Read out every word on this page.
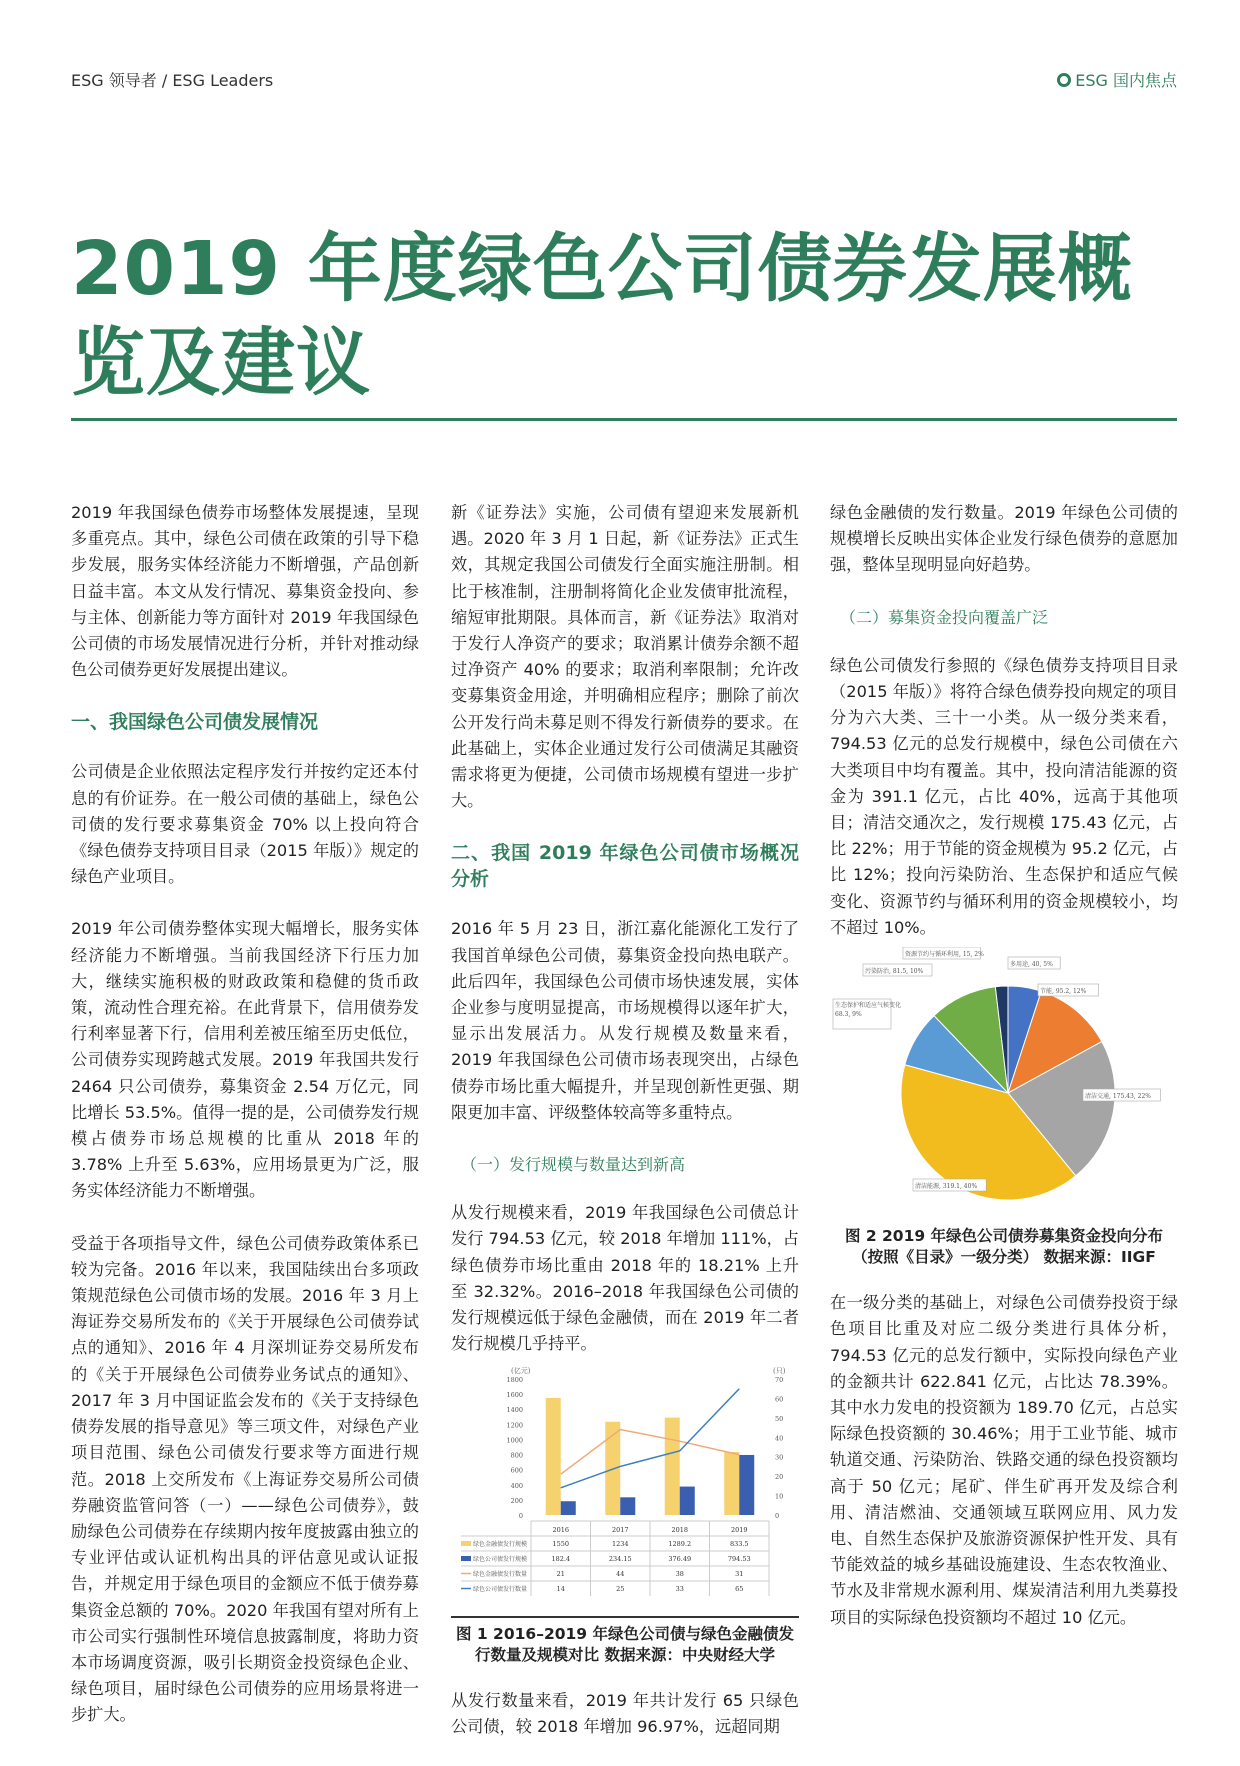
ESG 领导者 / ESG Leaders	ESG 国内焦点
2019 年度绿色公司债券发展概览及建议

2019 年我国绿色债券市场整体发展提速，呈现多重亮点。其中，绿色公司债在政策的引导下稳步发展，服务实体经济能力不断增强，产品创新日益丰富。本文从发行情况、募集资金投向、参与主体、创新能力等方面针对 2019 年我国绿色公司债的市场发展情况进行分析，并针对推动绿色公司债券更好发展提出建议。

一、我国绿色公司债发展情况

公司债是企业依照法定程序发行并按约定还本付息的有价证券。在一般公司债的基础上，绿色公司债的发行要求募集资金 70% 以上投向符合《绿色债券支持项目目录（2015 年版）》规定的绿色产业项目。

2019 年公司债券整体实现大幅增长，服务实体经济能力不断增强。当前我国经济下行压力加大，继续实施积极的财政政策和稳健的货币政策，流动性合理充裕。在此背景下，信用债券发行利率显著下行，信用利差被压缩至历史低位，公司债券实现跨越式发展。2019 年我国共发行 2464 只公司债券，募集资金 2.54 万亿元，同比增长 53.5%。值得一提的是，公司债券发行规模占债券市场总规模的比重从 2018 年的 3.78% 上升至 5.63%，应用场景更为广泛，服务实体经济能力不断增强。

受益于各项指导文件，绿色公司债券政策体系已较为完备。2016 年以来，我国陆续出台多项政策规范绿色公司债市场的发展。2016 年 3 月上海证券交易所发布的《关于开展绿色公司债券试点的通知》、2016 年 4 月深圳证券交易所发布的《关于开展绿色公司债券业务试点的通知》、2017 年 3 月中国证监会发布的《关于支持绿色债券发展的指导意见》等三项文件，对绿色产业项目范围、绿色公司债发行要求等方面进行规范。2018 上交所发布《上海证券交易所公司债券融资监管问答（一）——绿色公司债券》，鼓励绿色公司债券在存续期内按年度披露由独立的专业评估或认证机构出具的评估意见或认证报告，并规定用于绿色项目的金额应不低于债券募集资金总额的 70%。2020 年我国有望对所有上市公司实行强制性环境信息披露制度，将助力资本市场调度资源，吸引长期资金投资绿色企业、绿色项目，届时绿色公司债券的应用场景将进一步扩大。

新《证券法》实施，公司债有望迎来发展新机遇。2020 年 3 月 1 日起，新《证券法》正式生效，其规定我国公司债发行全面实施注册制。相比于核准制，注册制将简化企业发债审批流程，缩短审批期限。具体而言，新《证券法》取消对于发行人净资产的要求；取消累计债券余额不超过净资产 40% 的要求；取消利率限制；允许改变募集资金用途，并明确相应程序；删除了前次公开发行尚未募足则不得发行新债券的要求。在此基础上，实体企业通过发行公司债满足其融资需求将更为便捷，公司债市场规模有望进一步扩大。

二、我国 2019 年绿色公司债市场概况分析

2016 年 5 月 23 日，浙江嘉化能源化工发行了我国首单绿色公司债，募集资金投向热电联产。此后四年，我国绿色公司债市场快速发展，实体企业参与度明显提高，市场规模得以逐年扩大，显示出发展活力。从发行规模及数量来看，2019 年我国绿色公司债市场表现突出，占绿色债券市场比重大幅提升，并呈现创新性更强、期限更加丰富、评级整体较高等多重特点。

（一）发行规模与数量达到新高

从发行规模来看，2019 年我国绿色公司债总计发行 794.53 亿元，较 2018 年增加 111%，占绿色债券市场比重由 2018 年的 18.21% 上升至 32.32%。2016–2018 年我国绿色公司债的发行规模远低于绿色金融债，而在 2019 年二者发行规模几乎持平。

(亿元)	(只)
0
200
400
600
800
1000
1200
1400
1600
1800
0
10
20
30
40
50
60
70
2016	2017	2018	2019
绿色金融债发行规模	1550	1234	1289.2	833.5
绿色公司债发行规模	182.4	234.15	376.49	794.53
绿色金融债发行数量	21	44	38	31
绿色公司债发行数量	14	25	33	65
图 1 2016–2019 年绿色公司债与绿色金融债发行数量及规模对比 数据来源：中央财经大学

从发行数量来看，2019 年共计发行 65 只绿色公司债，较 2018 年增加 96.97%，远超同期

绿色金融债的发行数量。2019 年绿色公司债的规模增长反映出实体企业发行绿色债券的意愿加强，整体呈现明显向好趋势。

（二）募集资金投向覆盖广泛

绿色公司债发行参照的《绿色债券支持项目目录（2015 年版）》将符合绿色债券投向规定的项目分为六大类、三十一小类。从一级分类来看，794.53 亿元的总发行规模中，绿色公司债在六大类项目中均有覆盖。其中，投向清洁能源的资金为 391.1 亿元，占比 40%，远高于其他项目；清洁交通次之，发行规模 175.43 亿元，占比 22%；用于节能的资金规模为 95.2 亿元，占比 12%；投向污染防治、生态保护和适应气候变化、资源节约与循环利用的资金规模较小，均不超过 10%。

多用途, 40, 5%
节能, 95.2, 12%
清洁交通, 175.43, 22%
清洁能源, 319.1, 40%
生态保护和适应气候变化
68.3, 9%
污染防治, 81.5, 10%
资源节约与循环利用, 15, 2%
图 2 2019 年绿色公司债券募集资金投向分布（按照《目录》一级分类） 数据来源：IIGF

在一级分类的基础上，对绿色公司债券投资于绿色项目比重及对应二级分类进行具体分析，794.53 亿元的总发行额中，实际投向绿色产业的金额共计 622.841 亿元，占比达 78.39%。其中水力发电的投资额为 189.70 亿元，占总实际绿色投资额的 30.46%；用于工业节能、城市轨道交通、污染防治、铁路交通的绿色投资额均高于 50 亿元；尾矿、伴生矿再开发及综合利用、清洁燃油、交通领域互联网应用、风力发电、自然生态保护及旅游资源保护性开发、具有节能效益的城乡基础设施建设、生态农牧渔业、节水及非常规水源利用、煤炭清洁利用九类募投项目的实际绿色投资额均不超过 10 亿元。
